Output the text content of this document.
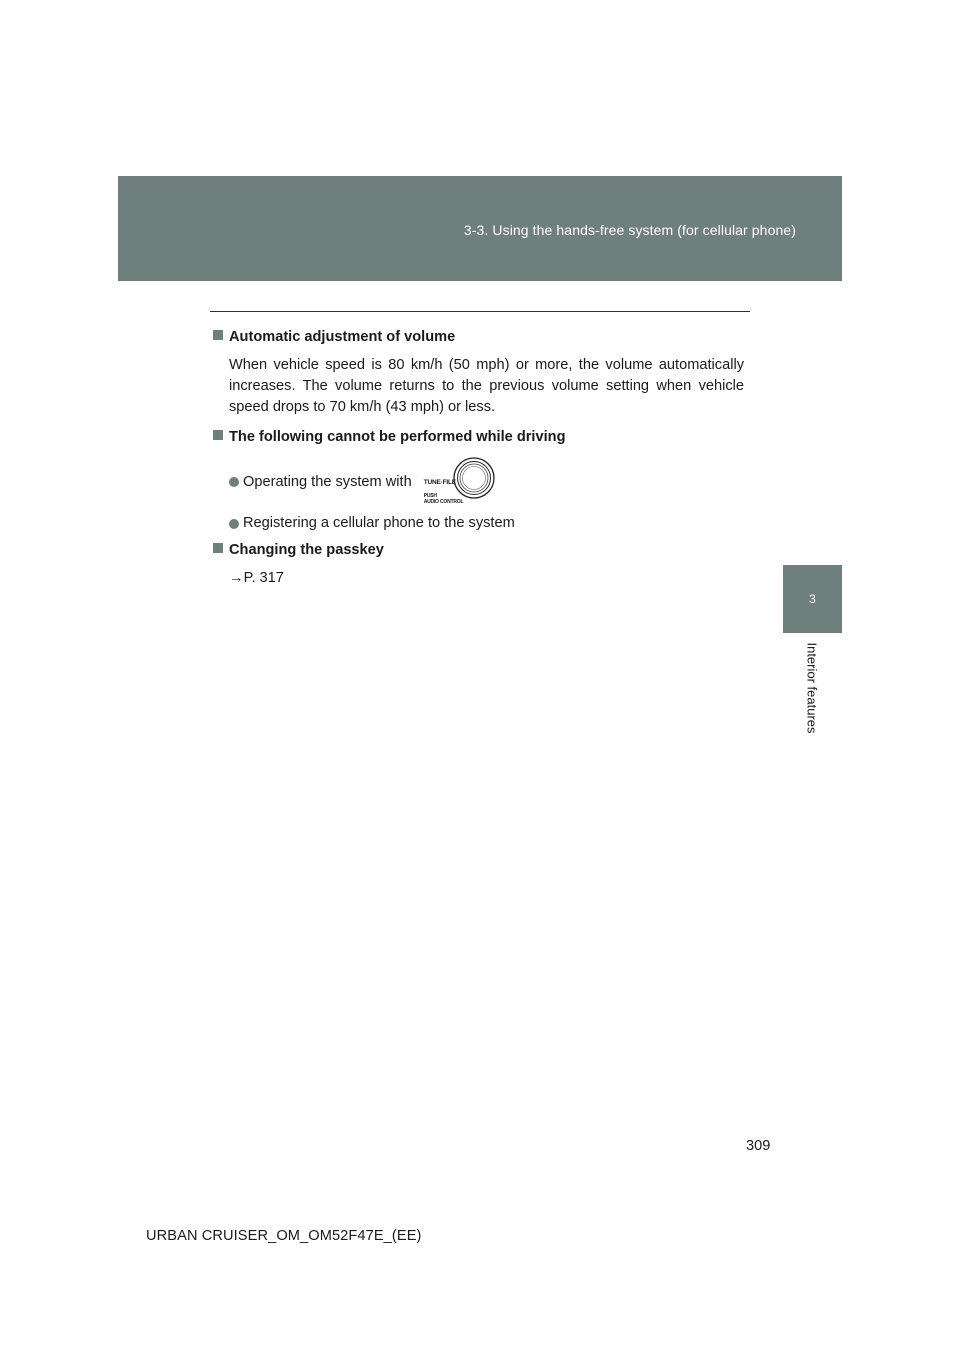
3-3. Using the hands-free system (for cellular phone)
3
Interior features

Automatic adjustment of volume

When vehicle speed is 80 km/h (50 mph) or more, the volume automatically increases. The volume returns to the previous volume setting when vehicle speed drops to 70 km/h (43 mph) or less.

The following cannot be performed while driving

Operating the system with TUNE·FILE
PUSH
AUDIO CONTROL
Registering a cellular phone to the system

Changing the passkey

→P. 317

309
URBAN CRUISER_OM_OM52F47E_(EE)
